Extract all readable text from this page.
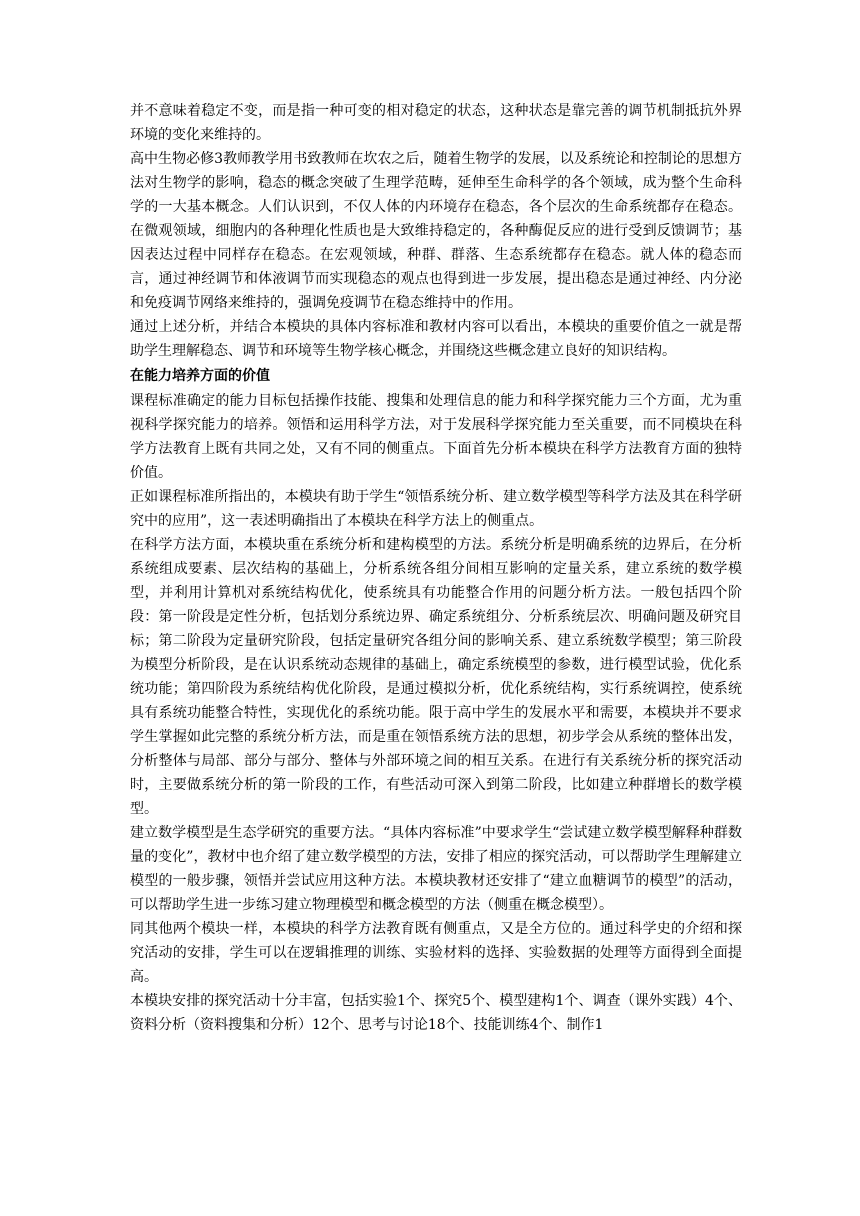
并不意味着稳定不变，而是指一种可变的相对稳定的状态，这种状态是靠完善的调节机制抵抗外界环境的变化来维持的。

高中生物必修3教师教学用书致教师在坎农之后，随着生物学的发展，以及系统论和控制论的思想方法对生物学的影响，稳态的概念突破了生理学范畴，延伸至生命科学的各个领域，成为整个生命科学的一大基本概念。人们认识到，不仅人体的内环境存在稳态，各个层次的生命系统都存在稳态。在微观领域，细胞内的各种理化性质也是大致维持稳定的，各种酶促反应的进行受到反馈调节；基因表达过程中同样存在稳态。在宏观领域，种群、群落、生态系统都存在稳态。就人体的稳态而言，通过神经调节和体液调节而实现稳态的观点也得到进一步发展，提出稳态是通过神经、内分泌和免疫调节网络来维持的，强调免疫调节在稳态维持中的作用。

通过上述分析，并结合本模块的具体内容标准和教材内容可以看出，本模块的重要价值之一就是帮助学生理解稳态、调节和环境等生物学核心概念，并围绕这些概念建立良好的知识结构。

在能力培养方面的价值

课程标准确定的能力目标包括操作技能、搜集和处理信息的能力和科学探究能力三个方面，尤为重视科学探究能力的培养。领悟和运用科学方法，对于发展科学探究能力至关重要，而不同模块在科学方法教育上既有共同之处，又有不同的侧重点。下面首先分析本模块在科学方法教育方面的独特价值。

正如课程标准所指出的，本模块有助于学生“领悟系统分析、建立数学模型等科学方法及其在科学研究中的应用”，这一表述明确指出了本模块在科学方法上的侧重点。

在科学方法方面，本模块重在系统分析和建构模型的方法。系统分析是明确系统的边界后，在分析系统组成要素、层次结构的基础上，分析系统各组分间相互影响的定量关系，建立系统的数学模型，并利用计算机对系统结构优化，使系统具有功能整合作用的问题分析方法。一般包括四个阶段：第一阶段是定性分析，包括划分系统边界、确定系统组分、分析系统层次、明确问题及研究目标；第二阶段为定量研究阶段，包括定量研究各组分间的影响关系、建立系统数学模型；第三阶段为模型分析阶段，是在认识系统动态规律的基础上，确定系统模型的参数，进行模型试验，优化系统功能；第四阶段为系统结构优化阶段，是通过模拟分析，优化系统结构，实行系统调控，使系统具有系统功能整合特性，实现优化的系统功能。限于高中学生的发展水平和需要，本模块并不要求学生掌握如此完整的系统分析方法，而是重在领悟系统方法的思想，初步学会从系统的整体出发，分析整体与局部、部分与部分、整体与外部环境之间的相互关系。在进行有关系统分析的探究活动时，主要做系统分析的第一阶段的工作，有些活动可深入到第二阶段，比如建立种群增长的数学模型。

建立数学模型是生态学研究的重要方法。“具体内容标准”中要求学生“尝试建立数学模型解释种群数量的变化”，教材中也介绍了建立数学模型的方法，安排了相应的探究活动，可以帮助学生理解建立模型的一般步骤，领悟并尝试应用这种方法。本模块教材还安排了“建立血糖调节的模型”的活动，可以帮助学生进一步练习建立物理模型和概念模型的方法（侧重在概念模型）。

同其他两个模块一样，本模块的科学方法教育既有侧重点，又是全方位的。通过科学史的介绍和探究活动的安排，学生可以在逻辑推理的训练、实验材料的选择、实验数据的处理等方面得到全面提高。

本模块安排的探究活动十分丰富，包括实验1个、探究5个、模型建构1个、调查（课外实践）4个、资料分析（资料搜集和分析）12个、思考与讨论18个、技能训练4个、制作1
